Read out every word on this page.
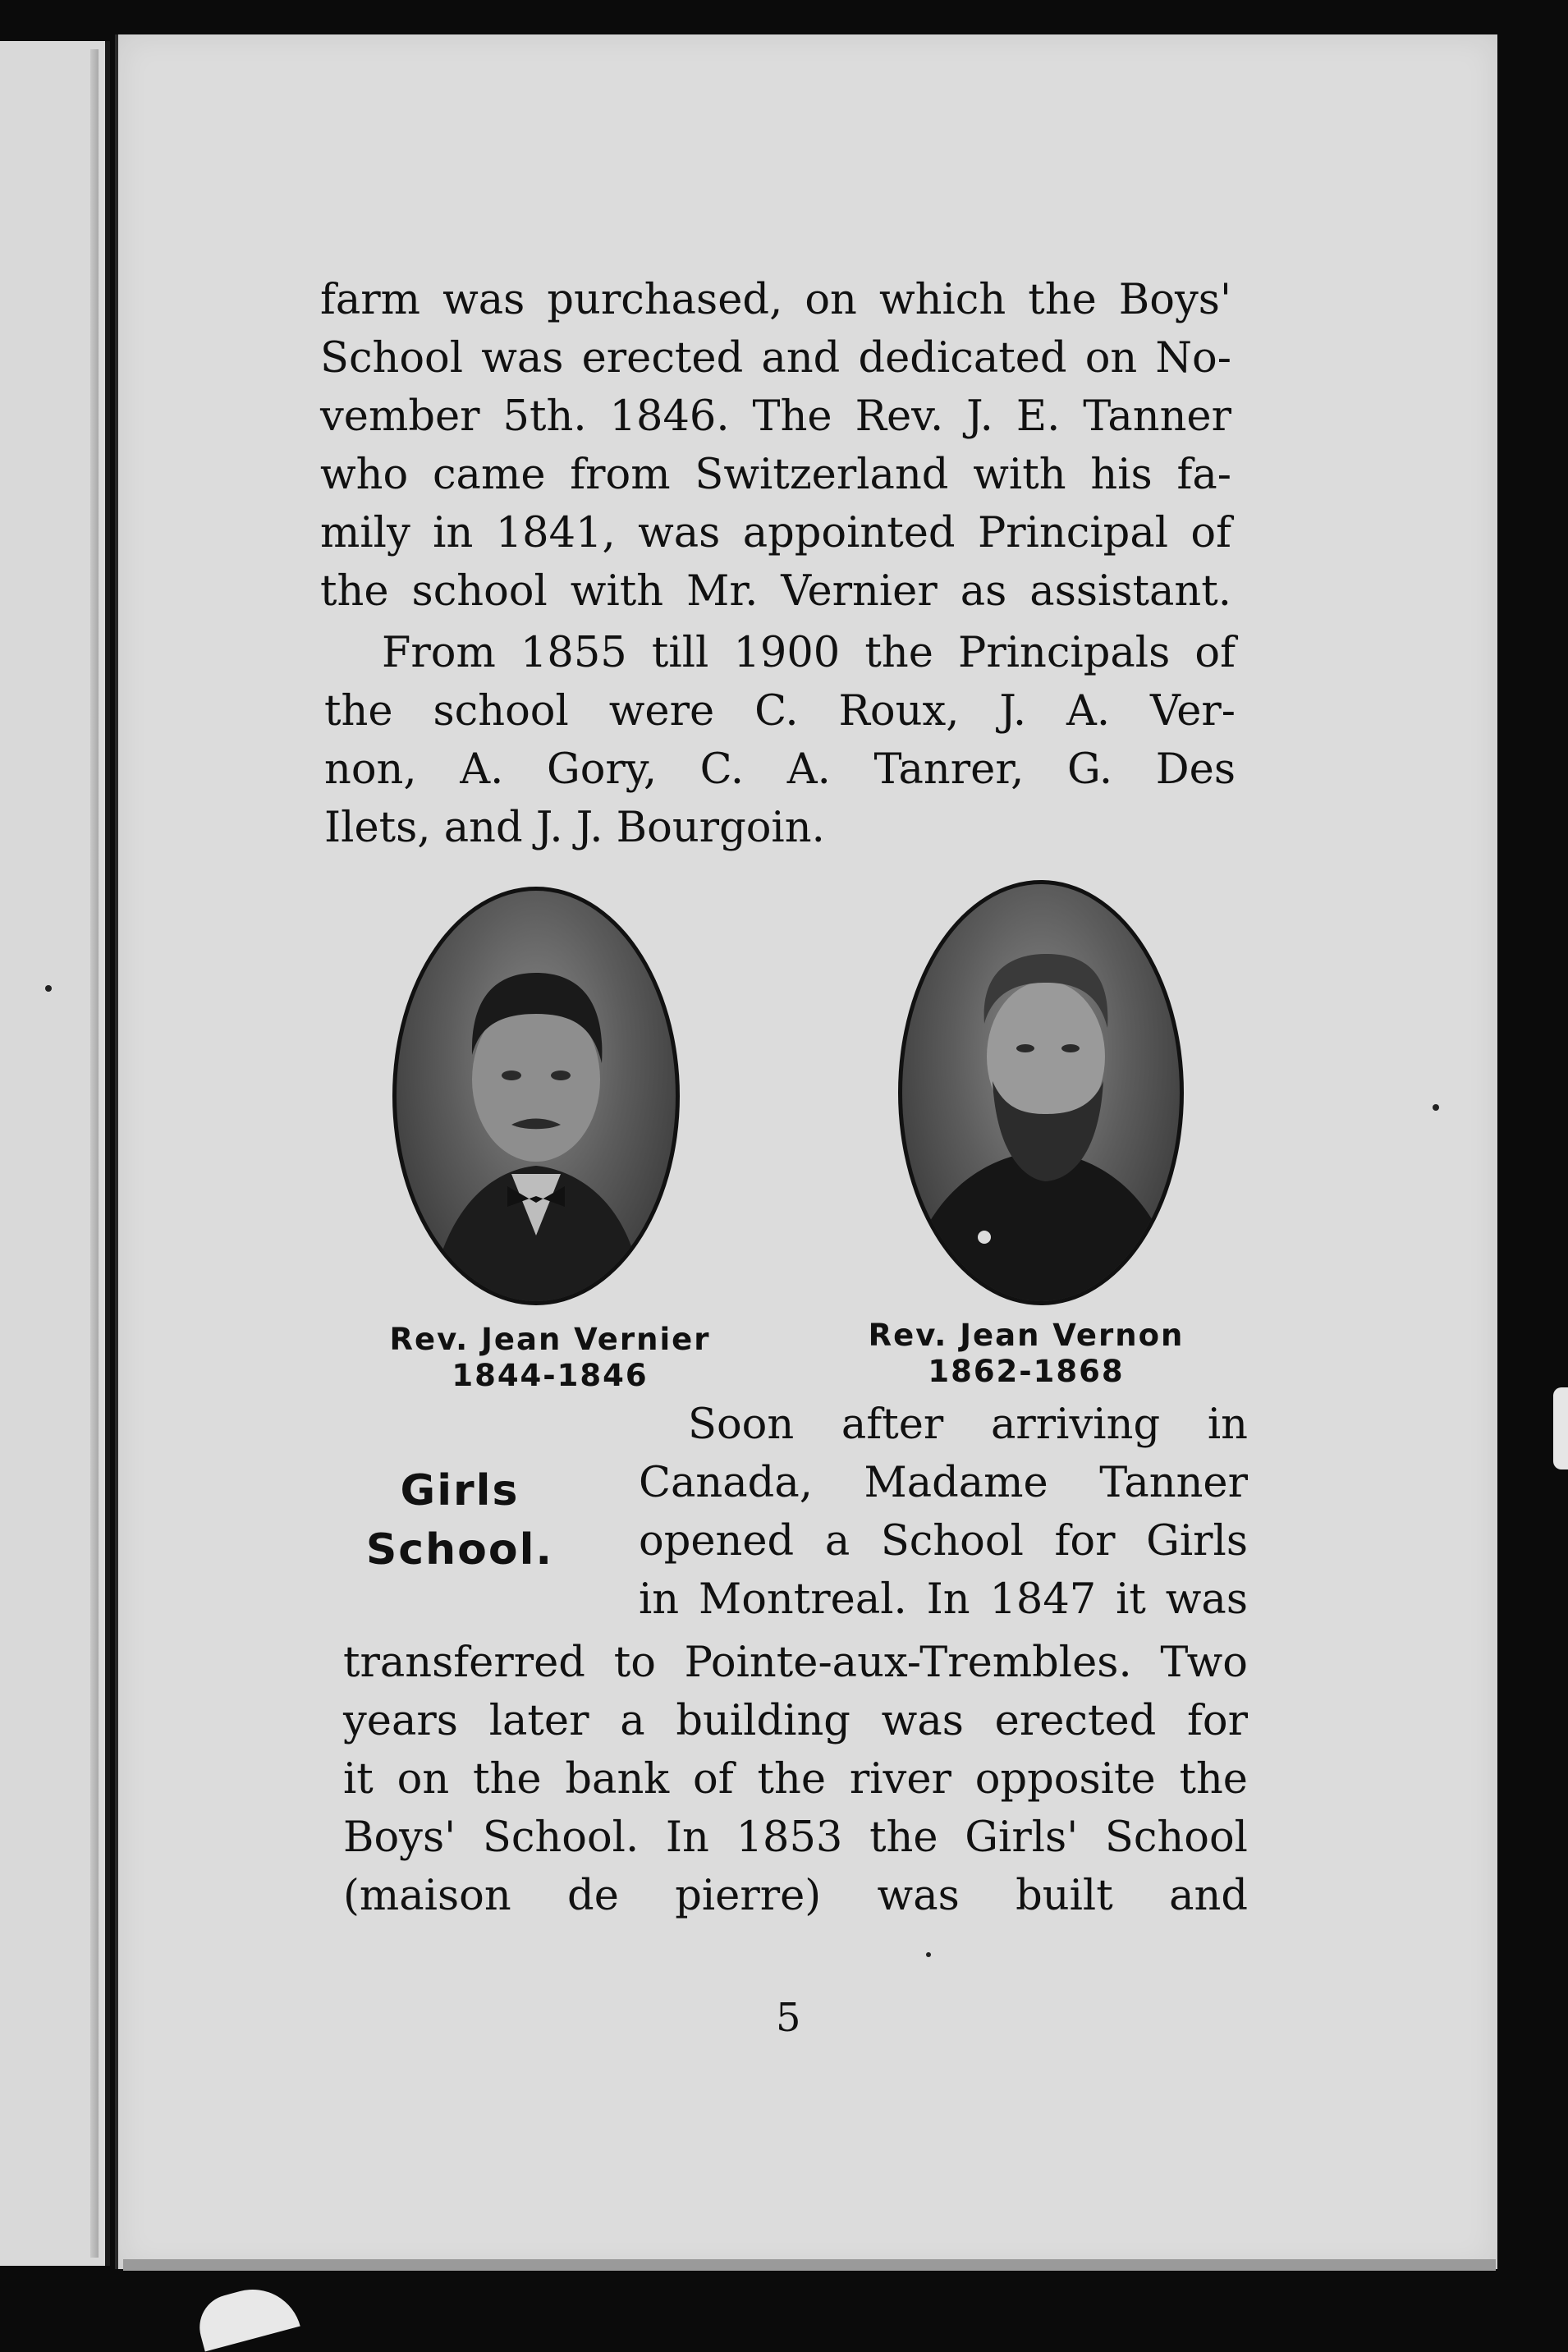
farm was purchased, on which the Boys'
School was erected and dedicated on No-
vember 5th. 1846. The Rev. J. E. Tanner
who came from Switzerland with his fa-
mily in 1841, was appointed Principal of
the school with Mr. Vernier as assistant.
From 1855 till 1900 the Principals of
the school were C. Roux, J. A. Ver-
non, A. Gory, C. A. Tanrer, G. Des
Ilets, and J. J. Bourgoin.
Rev. Jean Vernier
1844-1846
Rev. Jean Vernon
1862-1868
Girls
School.
Soon after arriving in
Canada, Madame Tanner
opened a School for Girls
in Montreal. In 1847 it was
transferred to Pointe-aux-Trembles. Two
years later a building was erected for
it on the bank of the river opposite the
Boys' School. In 1853 the Girls' School
(maison de pierre) was built and
5
